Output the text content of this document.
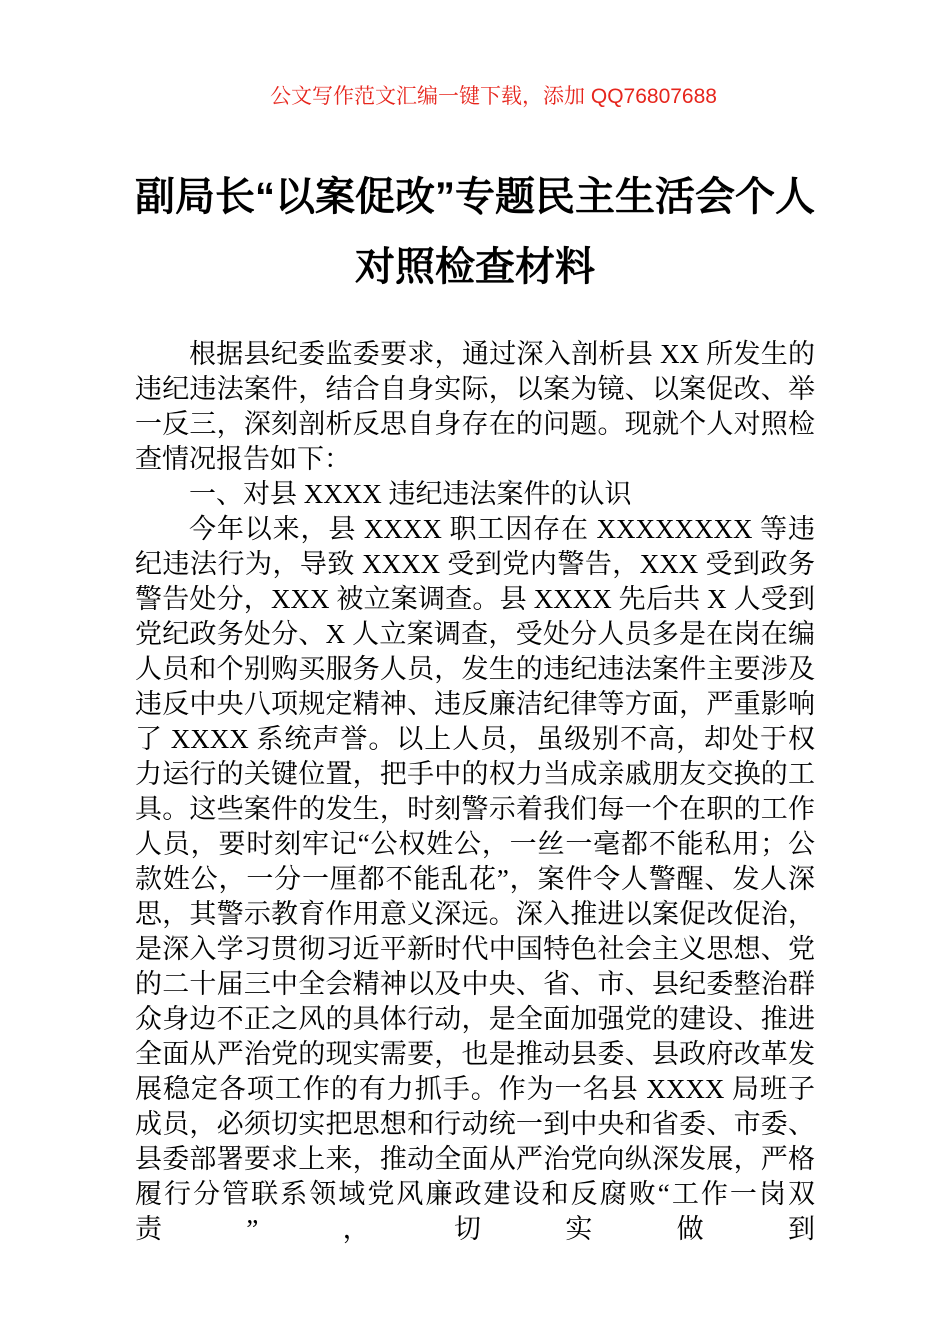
公文写作范文汇编一键下载，添加 QQ76807688
副局长“以案促改”专题民主生活会个人
对照检查材料

根据县纪委监委要求，通过深入剖析县 XX 所发生的违纪违法案件，结合自身实际，以案为镜、以案促改、举一反三，深刻剖析反思自身存在的问题。现就个人对照检查情况报告如下：

一、对县 XXXX 违纪违法案件的认识

今年以来，县 XXXX 职工因存在 XXXXXXXX 等违纪违法行为，导致 XXXX 受到党内警告，XXX 受到政务警告处分，XXX 被立案调查。县 XXXX 先后共 X 人受到党纪政务处分、X 人立案调查，受处分人员多是在岗在编人员和个别购买服务人员，发生的违纪违法案件主要涉及违反中央八项规定精神、违反廉洁纪律等方面，严重影响了 XXXX 系统声誉。以上人员，虽级别不高，却处于权力运行的关键位置，把手中的权力当成亲戚朋友交换的工具。这些案件的发生，时刻警示着我们每一个在职的工作人员，要时刻牢记“公权姓公，一丝一毫都不能私用；公款姓公，一分一厘都不能乱花”，案件令人警醒、发人深思，其警示教育作用意义深远。深入推进以案促改促治，是深入学习贯彻习近平新时代中国特色社会主义思想、党的二十届三中全会精神以及中央、省、市、县纪委整治群众身边不正之风的具体行动，是全面加强党的建设、推进全面从严治党的现实需要，也是推动县委、县政府改革发展稳定各项工作的有力抓手。作为一名县 XXXX 局班子成员，必须切实把思想和行动统一到中央和省委、市委、县委部署要求上来，推动全面从严治党向纵深发展，严格履行分管联系领域党风廉政建设和反腐败“工作一岗双责”，切实做到
